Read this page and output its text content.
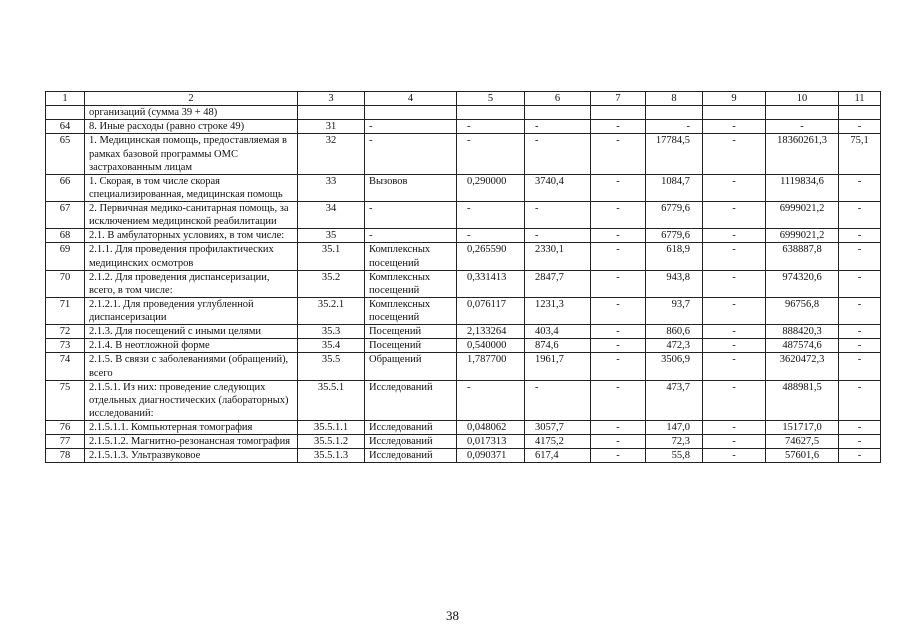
1	2	3	4	5	6	7	8	9	10	11
	организаций (сумма 39 + 48)									
64	8. Иные расходы (равно строке 49)	31	-	-	-	-	-	-	-	-
65	1. Медицинская помощь, предоставляемая в рамках базовой программы ОМС застрахованным лицам	32	-	-	-	-	17784,5	-	18360261,3	75,1
66	1. Скорая, в том числе скорая специализированная, медицинская помощь	33	Вызовов	0,290000	3740,4	-	1084,7	-	1119834,6	-
67	2. Первичная медико-санитарная помощь, за исключением медицинской реабилитации	34	-	-	-	-	6779,6	-	6999021,2	-
68	2.1. В амбулаторных условиях, в том числе:	35	-	-	-	-	6779,6	-	6999021,2	-
69	2.1.1. Для проведения профилактических медицинских осмотров	35.1	Комплексных посещений	0,265590	2330,1	-	618,9	-	638887,8	-
70	2.1.2. Для проведения диспансеризации, всего, в том числе:	35.2	Комплексных посещений	0,331413	2847,7	-	943,8	-	974320,6	-
71	2.1.2.1. Для проведения углубленной диспансеризации	35.2.1	Комплексных посещений	0,076117	1231,3	-	93,7	-	96756,8	-
72	2.1.3. Для посещений с иными целями	35.3	Посещений	2,133264	403,4	-	860,6	-	888420,3	-
73	2.1.4. В неотложной форме	35.4	Посещений	0,540000	874,6	-	472,3	-	487574,6	-
74	2.1.5. В связи с заболеваниями (обращений), всего	35.5	Обращений	1,787700	1961,7	-	3506,9	-	3620472,3	-
75	2.1.5.1. Из них: проведение следующих отдельных диагностических (лабораторных) исследований:	35.5.1	Исследований	-	-	-	473,7	-	488981,5	-
76	2.1.5.1.1. Компьютерная томография	35.5.1.1	Исследований	0,048062	3057,7	-	147,0	-	151717,0	-
77	2.1.5.1.2. Магнитно-резонансная томография	35.5.1.2	Исследований	0,017313	4175,2	-	72,3	-	74627,5	-
78	2.1.5.1.3. Ультразвуковое	35.5.1.3	Исследований	0,090371	617,4	-	55,8	-	57601,6	-
38
